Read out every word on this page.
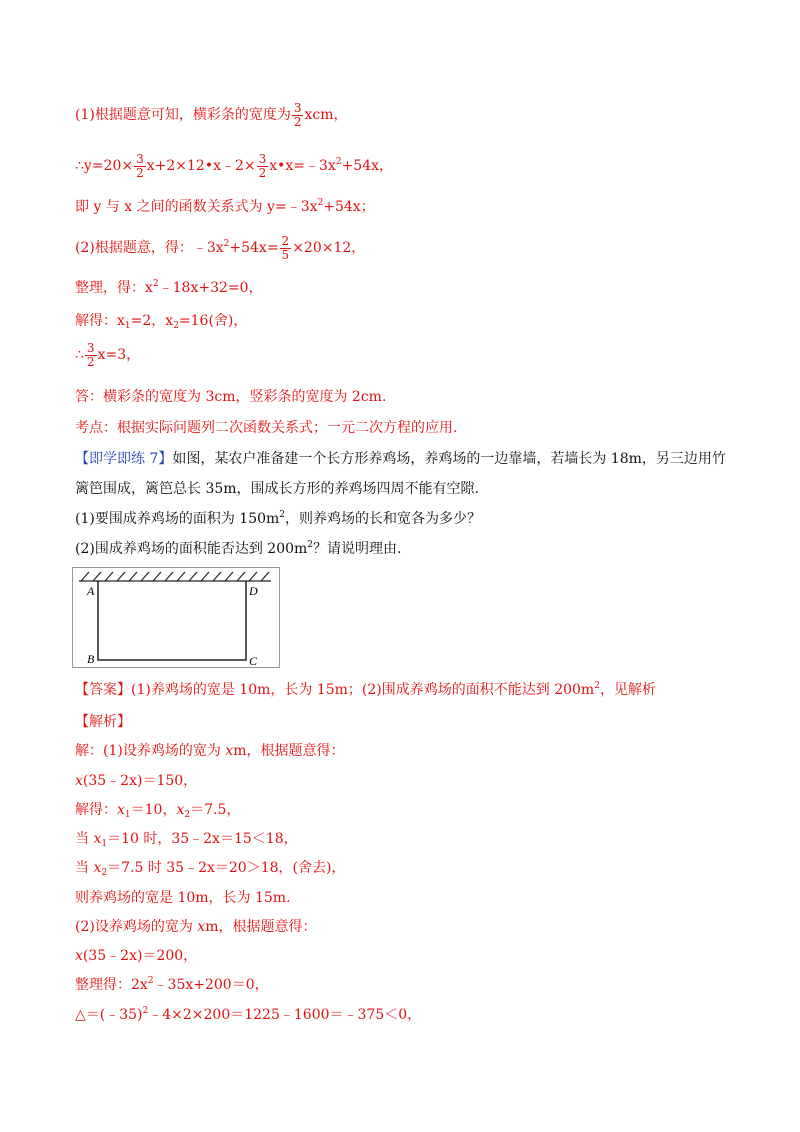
(1)根据题意可知，横彩条的宽度为 $\frac{3}{2}$ xcm，
∴y=20× $\frac{3}{2}$ x+2×12•x﹣2× $\frac{3}{2}$ $x•x=﹣3x^2+54x$，
即 y 与 x 之间的函数关系式为 $y=﹣3x^2+54x$；
(2)根据题意，得：$﹣3x^2+54x= \frac{2}{5} \times 20\times 12$，
整理，得：$x^2﹣18x+32=0$，
解得：$x_1=2$，$x_2=16$(舍)，
∴ $\frac{3}{2} x=3$，
答：横彩条的宽度为 3cm，竖彩条的宽度为 2cm.
考点：根据实际问题列二次函数关系式；一元二次方程的应用.
【即学即练 7】如图，某农户准备建一个长方形养鸡场，养鸡场的一边靠墙，若墙长为 18m，另三边用竹
篱笆围成，篱笆总长 35m，围成长方形的养鸡场四周不能有空隙.
(1)要围成养鸡场的面积为 $150m^2$，则养鸡场的长和宽各为多少？
(2)围成养鸡场的面积能否达到 $200m^2$？请说明理由.
A	D
B	C
【答案】(1)养鸡场的宽是 10m，长为 15m；(2)围成养鸡场的面积不能达到 $200m^2$，见解析
【解析】
解：(1)设养鸡场的宽为 xm，根据题意得：
x(35﹣2x)＝150，
解得：$x_1=10$，$x_2=7.5$，
当 $x_1=10$ 时，35﹣2x＝15＜18，
当 $x_2=7.5$ 时 35﹣2x＝20＞18，(舍去)，
则养鸡场的宽是 10m，长为 15m.
(2)设养鸡场的宽为 xm，根据题意得：
x(35﹣2x)＝200，
整理得：$2x^2﹣35x+200=0$，
△＝(﹣35)$^2$﹣4×2×200＝1225﹣1600＝﹣375＜0，
